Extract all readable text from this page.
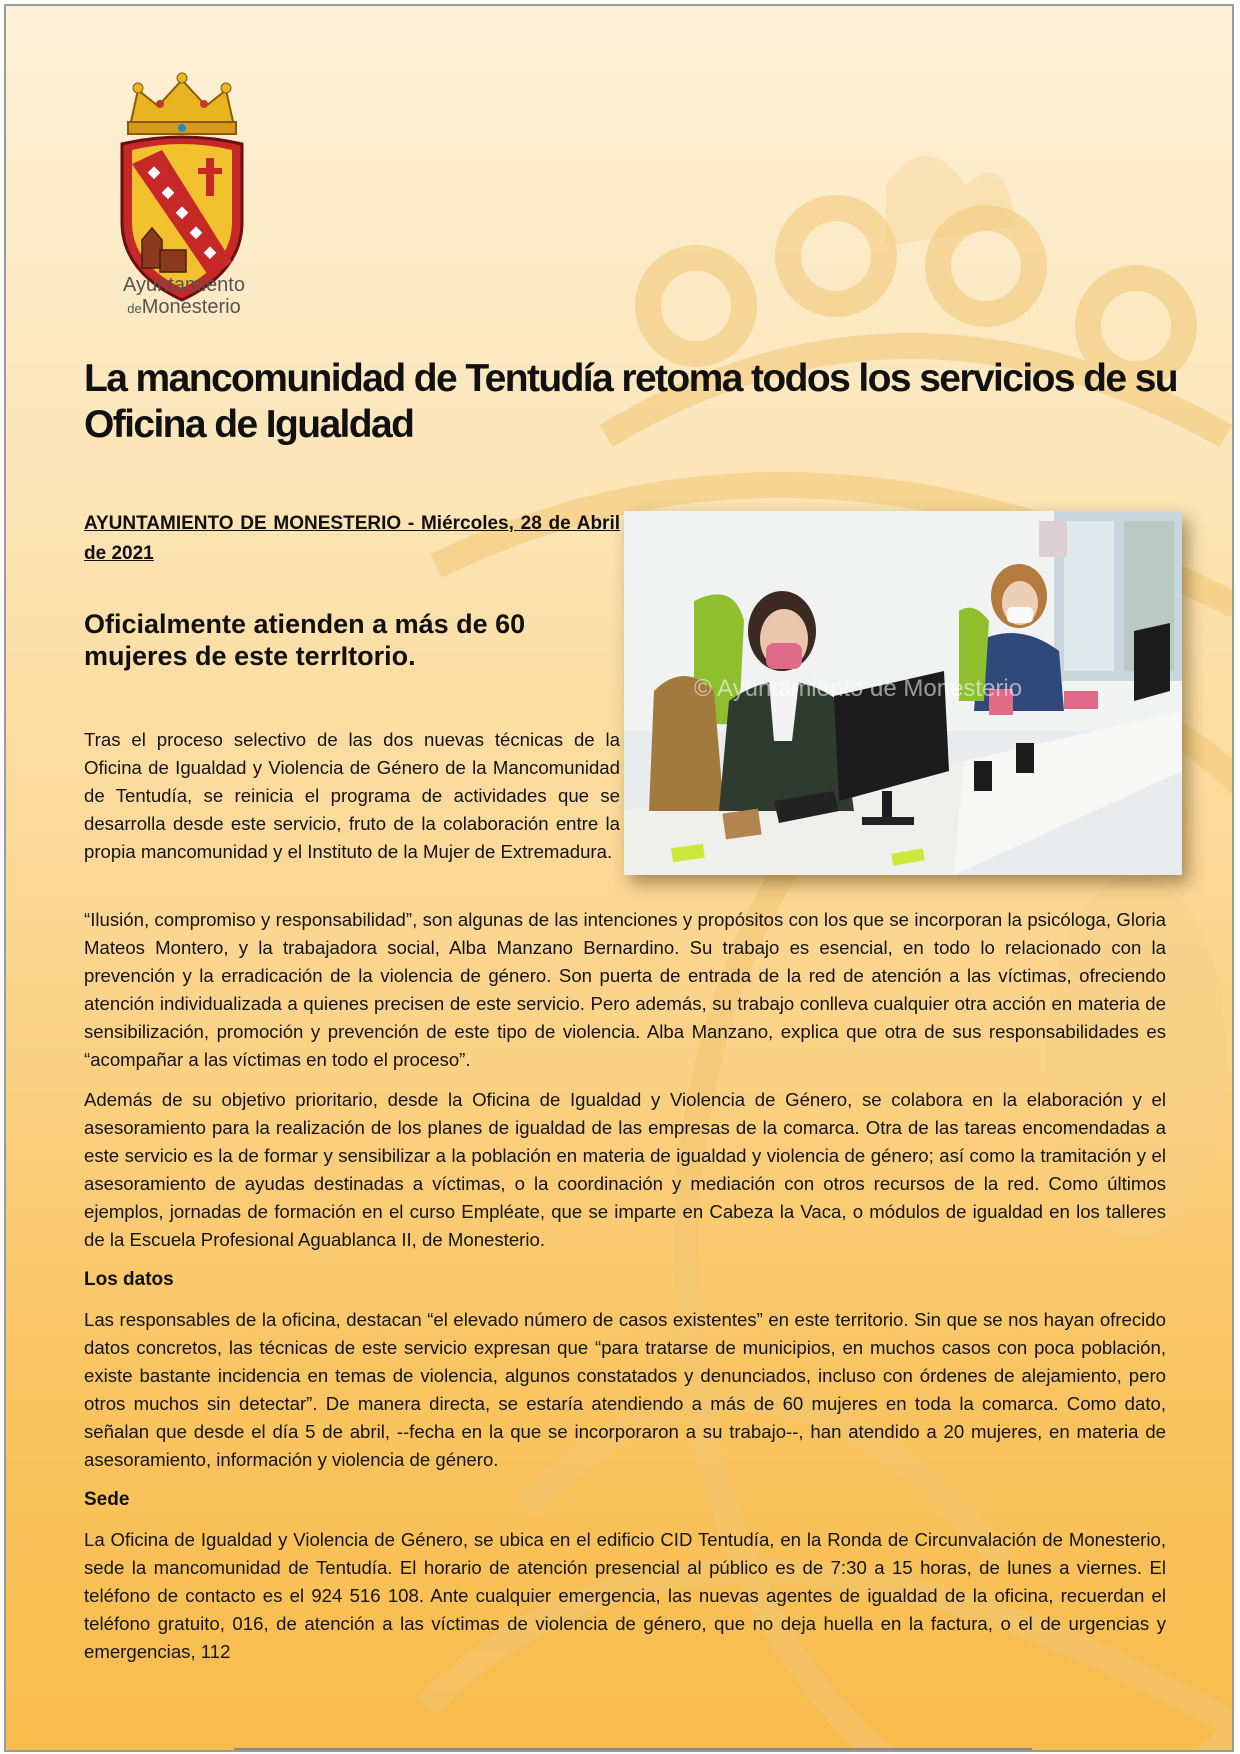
Ayuntamiento
deMonesterio
La mancomunidad de Tentudía retoma todos los servicios de su Oficina de Igualdad
AYUNTAMIENTO DE MONESTERIO - Miércoles, 28 de Abril de 2021
Oficialmente atienden a más de 60 mujeres de este terrItorio.
© Ayuntamiento de Monesterio

Tras el proceso selectivo de las dos nuevas técnicas de la Oficina de Igualdad y Violencia de Género de la Mancomunidad de Tentudía, se reinicia el programa de actividades que se desarrolla desde este servicio, fruto de la colaboración entre la propia mancomunidad y el Instituto de la Mujer de Extremadura.

“Ilusión, compromiso y responsabilidad”, son algunas de las intenciones y propósitos con los que se incorporan la psicóloga, Gloria Mateos Montero, y la trabajadora social, Alba Manzano Bernardino. Su trabajo es esencial, en todo lo relacionado con la prevención y la erradicación de la violencia de género. Son puerta de entrada de la red de atención a las víctimas, ofreciendo atención individualizada a quienes precisen de este servicio. Pero además, su trabajo conlleva cualquier otra acción en materia de sensibilización, promoción y prevención de este tipo de violencia. Alba Manzano, explica que otra de sus responsabilidades es “acompañar a las víctimas en todo el proceso”.

Además de su objetivo prioritario, desde la Oficina de Igualdad y Violencia de Género, se colabora en la elaboración y el asesoramiento para la realización de los planes de igualdad de las empresas de la comarca. Otra de las tareas encomendadas a este servicio es la de formar y sensibilizar a la población en materia de igualdad y violencia de género; así como la tramitación y el asesoramiento de ayudas destinadas a víctimas, o la coordinación y mediación con otros recursos de la red. Como últimos ejemplos, jornadas de formación en el curso Empléate, que se imparte en Cabeza la Vaca, o módulos de igualdad en los talleres de la Escuela Profesional Aguablanca II, de Monesterio.

Los datos

Las responsables de la oficina, destacan “el elevado número de casos existentes” en este territorio. Sin que se nos hayan ofrecido datos concretos, las técnicas de este servicio expresan que “para tratarse de municipios, en muchos casos con poca población, existe bastante incidencia en temas de violencia, algunos constatados y denunciados, incluso con órdenes de alejamiento, pero otros muchos sin detectar”. De manera directa, se estaría atendiendo a más de 60 mujeres en toda la comarca. Como dato, señalan que desde el día 5 de abril, --fecha en la que se incorporaron a su trabajo--, han atendido a 20 mujeres, en materia de asesoramiento, información y violencia de género.

Sede

La Oficina de Igualdad y Violencia de Género, se ubica en el edificio CID Tentudía, en la Ronda de Circunvalación de Monesterio, sede la mancomunidad de Tentudía. El horario de atención presencial al público es de 7:30 a 15 horas, de lunes a viernes. El teléfono de contacto es el 924 516 108. Ante cualquier emergencia, las nuevas agentes de igualdad de la oficina, recuerdan el teléfono gratuito, 016, de atención a las víctimas de violencia de género, que no deja huella en la factura, o el de urgencias y emergencias, 112
